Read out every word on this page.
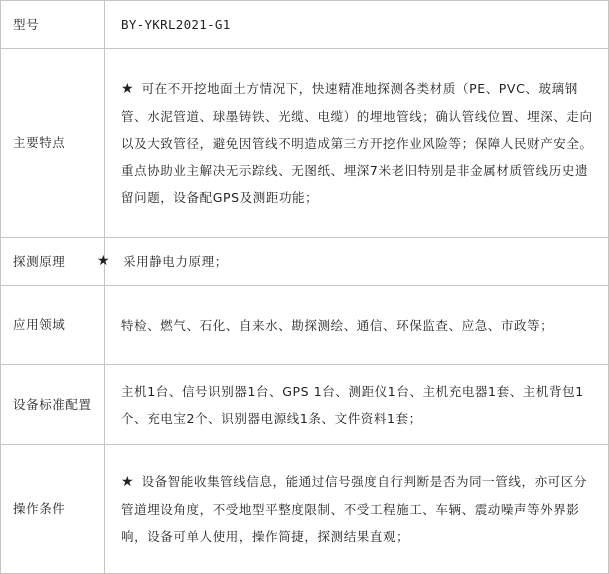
型号	BY-YKRL2021-G1
主要特点	★ 可在不开挖地面土方情况下，快速精准地探测各类材质（PE、PVC、玻璃钢管、水泥管道、球墨铸铁、光缆、电缆）的埋地管线；确认管线位置、埋深、走向以及大致管径，避免因管线不明造成第三方开挖作业风险等；保障人民财产安全。重点协助业主解决无示踪线、无图纸、埋深7米老旧特别是非金属材质管线历史遗留问题，设备配GPS及测距功能；
探测原理	★ 采用静电力原理；

应用领域	特检、燃气、石化、自来水、勘探测绘、通信、环保监查、应急、市政等；
设备标准配置	主机1台、信号识别器1台、GPS 1台、测距仪1台、主机充电器1套、主机背包1个、充电宝2个、识别器电源线1条、文件资料1套；
操作条件	★ 设备智能收集管线信息，能通过信号强度自行判断是否为同一管线，亦可区分管道埋设角度，不受地型平整度限制、不受工程施工、车辆、震动噪声等外界影响，设备可单人使用，操作简捷，探测结果直观；
